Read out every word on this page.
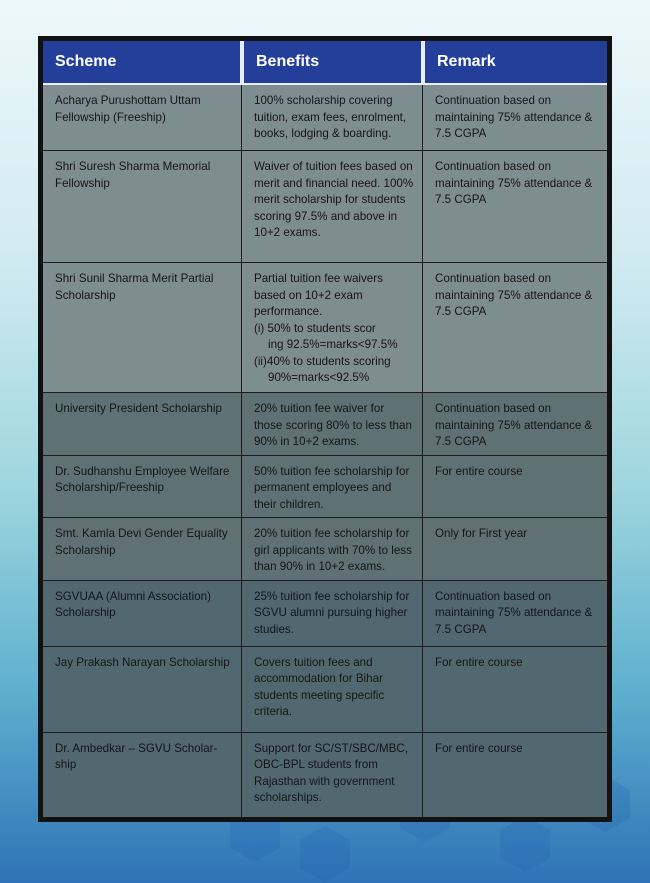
Scheme	Benefits	Remark
Acharya Purushottam Uttam Fellowship (Freeship)	100% scholarship covering tuition, exam fees, enrolment, books, lodging & boarding.	Continuation based on maintaining 75% attendance & 7.5 CGPA
Shri Suresh Sharma Memorial Fellowship	Waiver of tuition fees based on merit and financial need. 100% merit scholarship for students scoring 97.5% and above in 10+2 exams.	Continuation based on maintaining 75% attendance & 7.5 CGPA
Shri Sunil Sharma Merit Partial Scholarship	Partial tuition fee waivers based on 10+2 exam performance.
(i) 50% to students scor
ing 92.5%=marks<97.5%
(ii)40% to students scoring
90%=marks<92.5%	Continuation based on maintaining 75% attendance & 7.5 CGPA
University President Scholarship	20% tuition fee waiver for those scoring 80% to less than 90% in 10+2 exams.	Continuation based on maintaining 75% attendance & 7.5 CGPA
Dr. Sudhanshu Employee Welfare Scholarship/Freeship	50% tuition fee scholarship for permanent employees and their children.	For entire course
Smt. Kamla Devi Gender Equality Scholarship	20% tuition fee scholarship for girl applicants with 70% to less than 90% in 10+2 exams.	Only for First year
SGVUAA (Alumni Association) Scholarship	25% tuition fee scholarship for SGVU alumni pursuing higher studies.	Continuation based on maintaining 75% attendance & 7.5 CGPA
Jay Prakash Narayan Scholarship	Covers tuition fees and accommodation for Bihar students meeting specific criteria.	For entire course
Dr. Ambedkar – SGVU Scholar-ship	Support for SC/ST/SBC/MBC, OBC-BPL students from Rajasthan with government scholarships.	For entire course
